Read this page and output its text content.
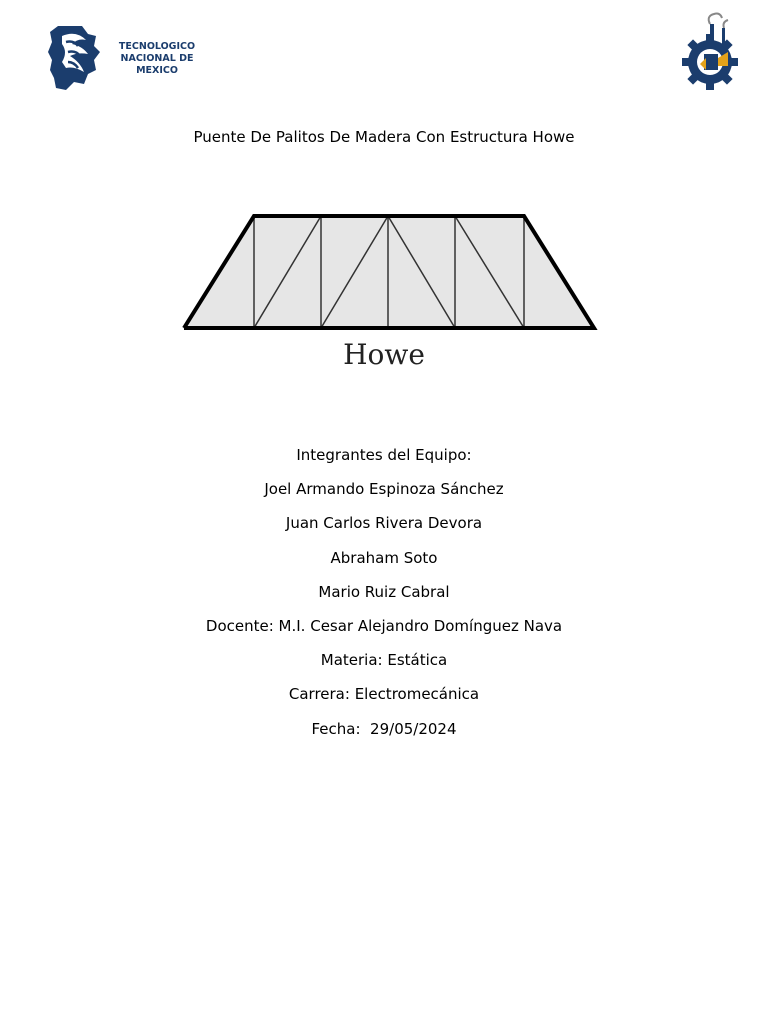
TECNOLOGICO
NACIONAL DE MEXICO
Puente De Palitos De Madera Con Estructura Howe
Howe
Integrantes del Equipo:
Joel Armando Espinoza Sánchez
Juan Carlos Rivera Devora
Abraham Soto
Mario Ruiz Cabral
Docente: M.I. Cesar Alejandro Domínguez Nava
Materia: Estática
Carrera: Electromecánica
Fecha:  29/05/2024
